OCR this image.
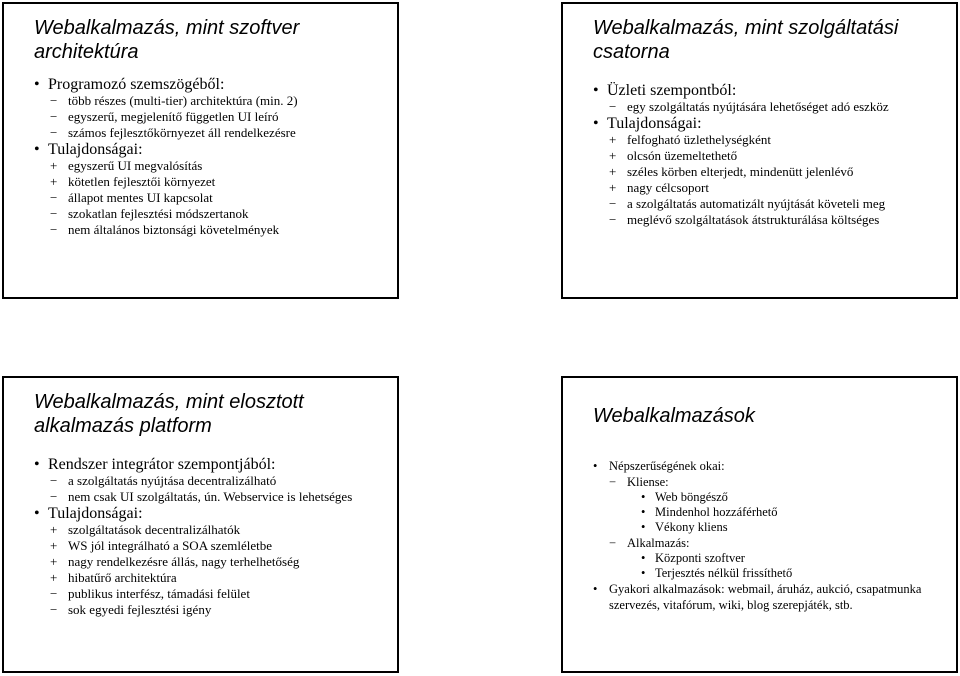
Webalkalmazás, mint szoftver architektúra
• Programozó szemszögéből:
− több részes (multi-tier) architektúra (min. 2)
− egyszerű, megjelenítő független UI leíró
− számos fejlesztőkörnyezet áll rendelkezésre
• Tulajdonságai:
+ egyszerű UI megvalósítás
+ kötetlen fejlesztői környezet
− állapot mentes UI kapcsolat
− szokatlan fejlesztési módszertanok
− nem általános biztonsági követelmények
Webalkalmazás, mint szolgáltatási csatorna
• Üzleti szempontból:
− egy szolgáltatás nyújtására lehetőséget adó eszköz
• Tulajdonságai:
+ felfogható üzlethelységként
+ olcsón üzemeltethető
+ széles körben elterjedt, mindenütt jelenlévő
+ nagy célcsoport
− a szolgáltatás automatizált nyújtását követeli meg
− meglévő szolgáltatások átstrukturálása költséges
Webalkalmazás, mint elosztott alkalmazás platform
• Rendszer integrátor szempontjából:
− a szolgáltatás nyújtása decentralizálható
− nem csak UI szolgáltatás, ún. Webservice is lehetséges
• Tulajdonságai:
+ szolgáltatások decentralizálhatók
+ WS jól integrálható a SOA szemléletbe
+ nagy rendelkezésre állás, nagy terhelhetőség
+ hibatűrő architektúra
− publikus interfész, támadási felület
− sok egyedi fejlesztési igény
Webalkalmazások
• Népszerűségének okai:
− Kliense:
• Web böngésző
• Mindenhol hozzáférhető
• Vékony kliens
− Alkalmazás:
• Központi szoftver
• Terjesztés nélkül frissíthető
• Gyakori alkalmazások: webmail, áruház, aukció, csapatmunka
szervezés, vitafórum, wiki, blog szerepjáték, stb.
